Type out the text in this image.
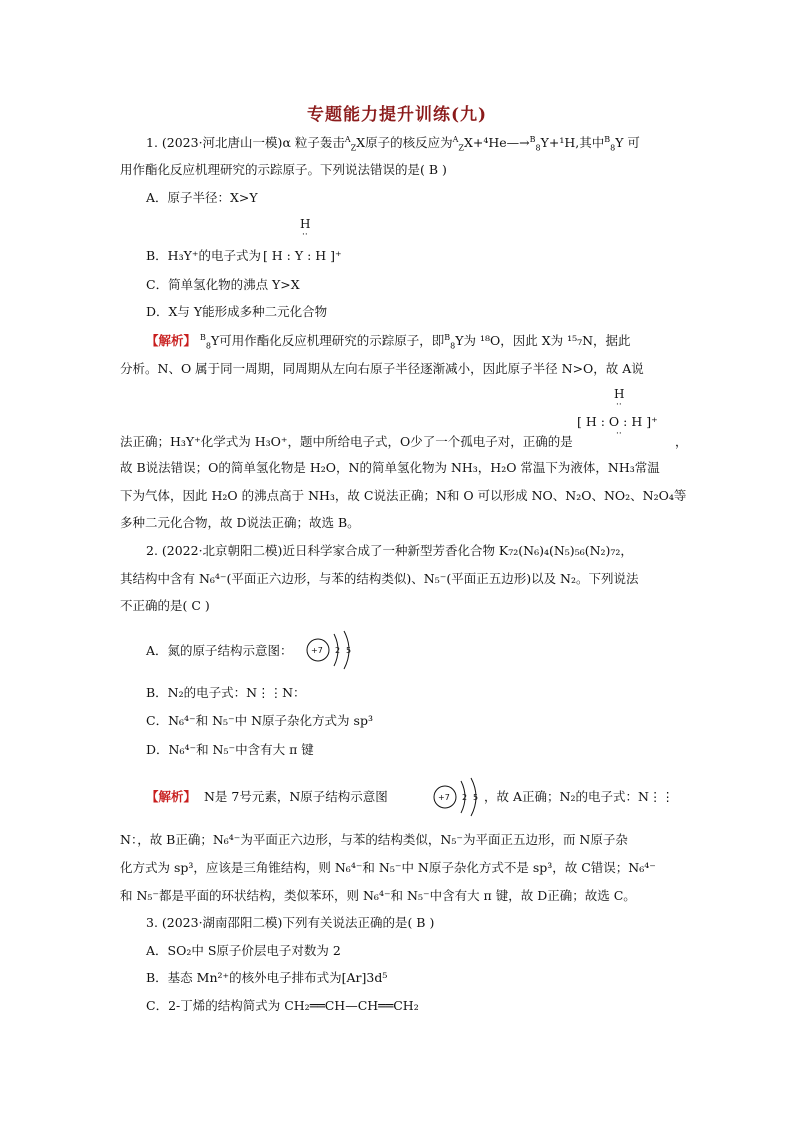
专题能力提升训练(九)
1. (2023·河北唐山一模)α 粒子轰击$^A_Z$X原子的核反应为$^A_Z$X+⁴He—→$^B_8$Y+¹H,其中$^B_8$Y 可
用作酯化反应机理研究的示踪原子。下列说法错误的是( B )
A．原子半径：X>Y
H
··
B．H₃Y⁺的电子式为 [ H : Y : H ]⁺
C．简单氢化物的沸点 Y>X
D．X与 Y能形成多种二元化合物
【解析】 $^B_8$Y可用作酯化反应机理研究的示踪原子，即$^B_8$Y为 ¹⁸O，因此 X为 ¹⁵₇N，据此
分析。N、O 属于同一周期，同周期从左向右原子半径逐渐减小，因此原子半径 N>O，故 A说
H
··
法正确；H₃Y⁺化学式为 H₃O⁺，题中所给电子式，O少了一个孤电子对，正确的是
[ H : O : H ]⁺
··	，
故 B说法错误；O的简单氢化物是 H₂O，N的简单氢化物为 NH₃，H₂O 常温下为液体，NH₃常温
下为气体，因此 H₂O 的沸点高于 NH₃，故 C说法正确；N和 O 可以形成 NO、N₂O、NO₂、N₂O₄等
多种二元化合物，故 D说法正确；故选 B。
2. (2022·北京朝阳二模)近日科学家合成了一种新型芳香化合物 K₇₂(N₆)₄(N₅)₅₆(N₂)₇₂，
其结构中含有 N₆⁴⁻(平面正六边形，与苯的结构类似)、N₅⁻(平面正五边形)以及 N₂。下列说法
不正确的是( C )
A．氮的原子结构示意图： +7 2 5
B．N₂的电子式：N⋮⋮N：
C．N₆⁴⁻和 N₅⁻中 N原子杂化方式为 sp³
D．N₆⁴⁻和 N₅⁻中含有大 π 键
【解析】 N是 7号元素，N原子结构示意图	+7 2 5 ，故 A正确；N₂的电子式：N⋮⋮
N：，故 B正确；N₆⁴⁻为平面正六边形，与苯的结构类似，N₅⁻为平面正五边形，而 N原子杂
化方式为 sp³，应该是三角锥结构，则 N₆⁴⁻和 N₅⁻中 N原子杂化方式不是 sp³，故 C错误；N₆⁴⁻
和 N₅⁻都是平面的环状结构，类似苯环，则 N₆⁴⁻和 N₅⁻中含有大 π 键，故 D正确；故选 C。
3. (2023·湖南邵阳二模)下列有关说法正确的是( B )
A．SO₂中 S原子价层电子对数为 2
B．基态 Mn²⁺的核外电子排布式为[Ar]3d⁵
C．2-丁烯的结构简式为 CH₂══CH—CH══CH₂
